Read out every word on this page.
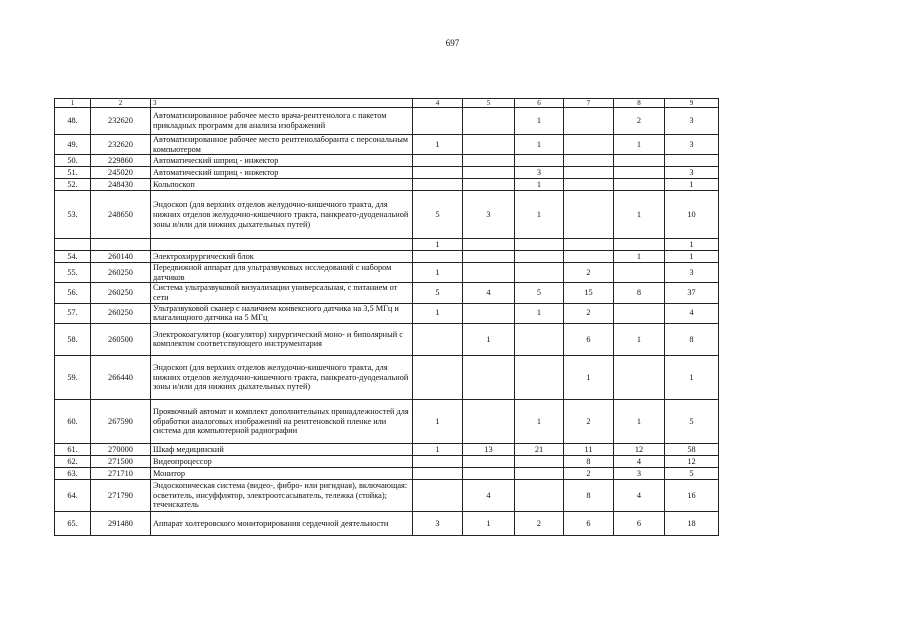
697
1	2	3	4	5	6	7	8	9
48.	232620	Автоматизированное рабочее место врача-рентгенолога с пакетом прикладных программ для анализа изображений			1		2	3
49.	232620	Автоматизированное рабочее место рентгенолаборанта с персональным компьютером	1		1		1	3
50.	229860	Автоматический шприц - инжектор						
51.	245020	Автоматический шприц - инжектор			3			3
52.	248430	Кольпоскоп			1			1
53.	248650	Эндоскоп (для верхних отделов желудочно-кишечного тракта, для нижних отделов желудочно-кишечного тракта, панкреато-дуоденальной зоны и/или для нижних дыхательных путей)	5	3	1		1	10
			1					1
54.	260140	Электрохирургический блок					1	1
55.	260250	Передвижной аппарат для ультразвуковых исследований с набором датчиков	1			2		3
56.	260250	Система ультразвуковой визуализации универсальная, с питанием от сети	5	4	5	15	8	37
57.	260250	Ультразвуковой сканер с наличием конвексного датчика на 3,5 МГц и влагалищного датчика на 5 МГц	1		1	2		4
58.	260500	Электрокоагулятор (коагулятор) хирургический моно- и биполярный с комплектом соответствующего инструментария		1		6	1	8
59.	266440	Эндоскоп (для верхних отделов желудочно-кишечного тракта, для нижних отделов желудочно-кишечного тракта, панкреато-дуоденальной зоны и/или для нижних дыхательных путей)				1		1
60.	267590	Проявочный автомат и комплект дополнительных принадлежностей для обработки аналоговых изображений на рентгеновской пленке или система для компьютерной радиографии	1		1	2	1	5
61.	270000	Шкаф медицинский	1	13	21	11	12	58
62.	271500	Видеопроцессор				8	4	12
63.	271710	Монитор				2	3	5
64.	271790	Эндоскопическая система (видео-, фибро- или ригидная), включающая: осветитель, инсуффлятор, электроотсасыватель, тележка (стойка); течеискатель		4		8	4	16
65.	291480	Аппарат холтеровского мониторирования сердечной деятельности	3	1	2	6	6	18
